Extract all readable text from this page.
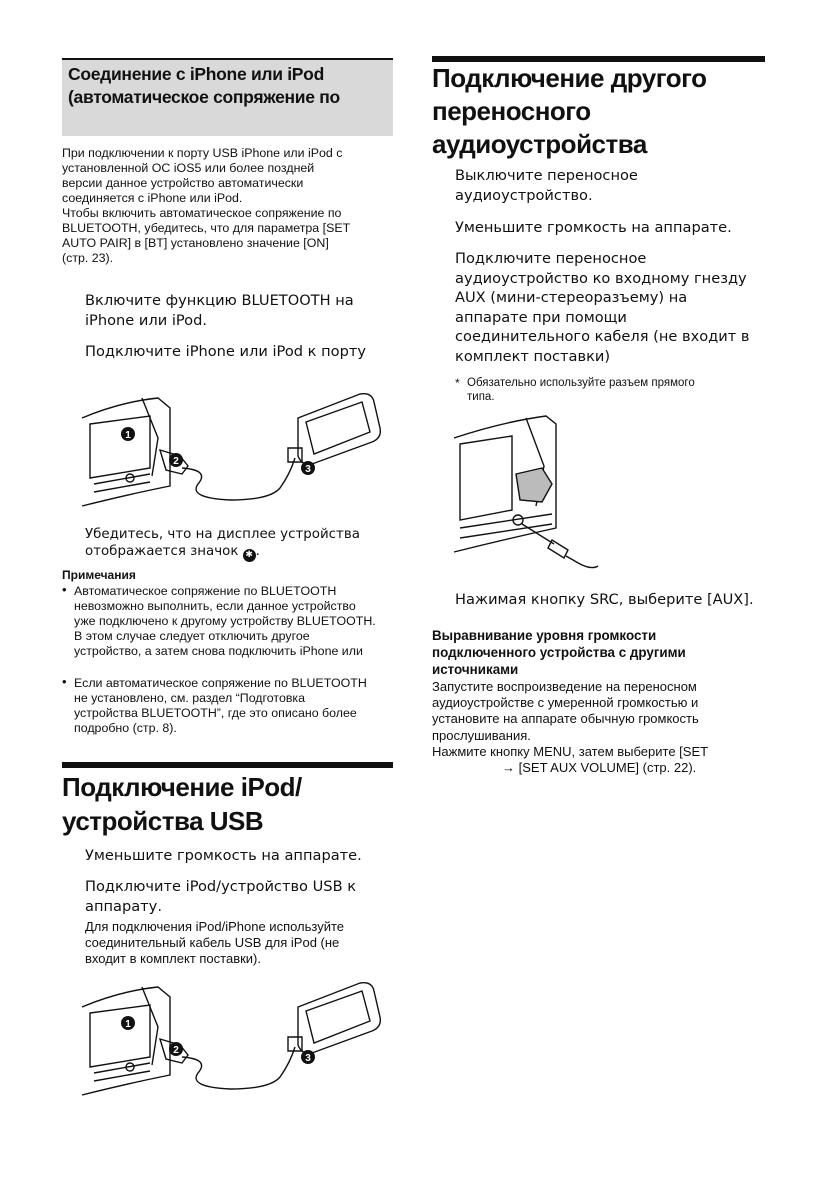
Соединение с iPhone или iPod
(автоматическое сопряжение по
При подключении к порту USB iPhone или iPod с
установленной ОС iOS5 или более поздней
версии данное устройство автоматически
соединяется с iPhone или iPod.
Чтобы включить автоматическое сопряжение по
BLUETOOTH, убедитесь, что для параметра [SET
AUTO PAIR] в [BT] установлено значение [ON]
(стр. 23).
Включите функцию BLUETOOTH на
iPhone или iPod.
Подключите iPhone или iPod к порту
1
2
3
Убедитесь, что на дисплее устройства
отображается значок ✱ .
Примечания
• Автоматическое сопряжение по BLUETOOTH
невозможно выполнить, если данное устройство
уже подключено к другому устройству BLUETOOTH.
В этом случае следует отключить другое
устройство, а затем снова подключить iPhone или
• Если автоматическое сопряжение по BLUETOOTH
не установлено, см. раздел “Подготовка
устройства BLUETOOTH”, где это описано более
подробно (стр. 8).
Подключение iPod/
устройства USB
Уменьшите громкость на аппарате.
Подключите iPod/устройство USB к
аппарату.
Для подключения iPod/iPhone используйте
соединительный кабель USB для iPod (не
входит в комплект поставки).
1
2
3
Подключение другого
переносного
аудиоустройства
Выключите переносное
аудиоустройство.
Уменьшите громкость на аппарате.
Подключите переносное
аудиоустройство ко входному гнезду
AUX (мини-стереоразъему) на
аппарате при помощи
соединительного кабеля (не входит в
комплект поставки)
* Обязательно используйте разъем прямого
типа.
Нажимая кнопку SRC, выберите [AUX].
Выравнивание уровня громкости
подключенного устройства с другими
источниками
Запустите воспроизведение на переносном
аудиоустройстве с умеренной громкостью и
установите на аппарате обычную громкость
прослушивания.
Нажмите кнопку MENU, затем выберите [SET
→ [SET AUX VOLUME] (стр. 22).
